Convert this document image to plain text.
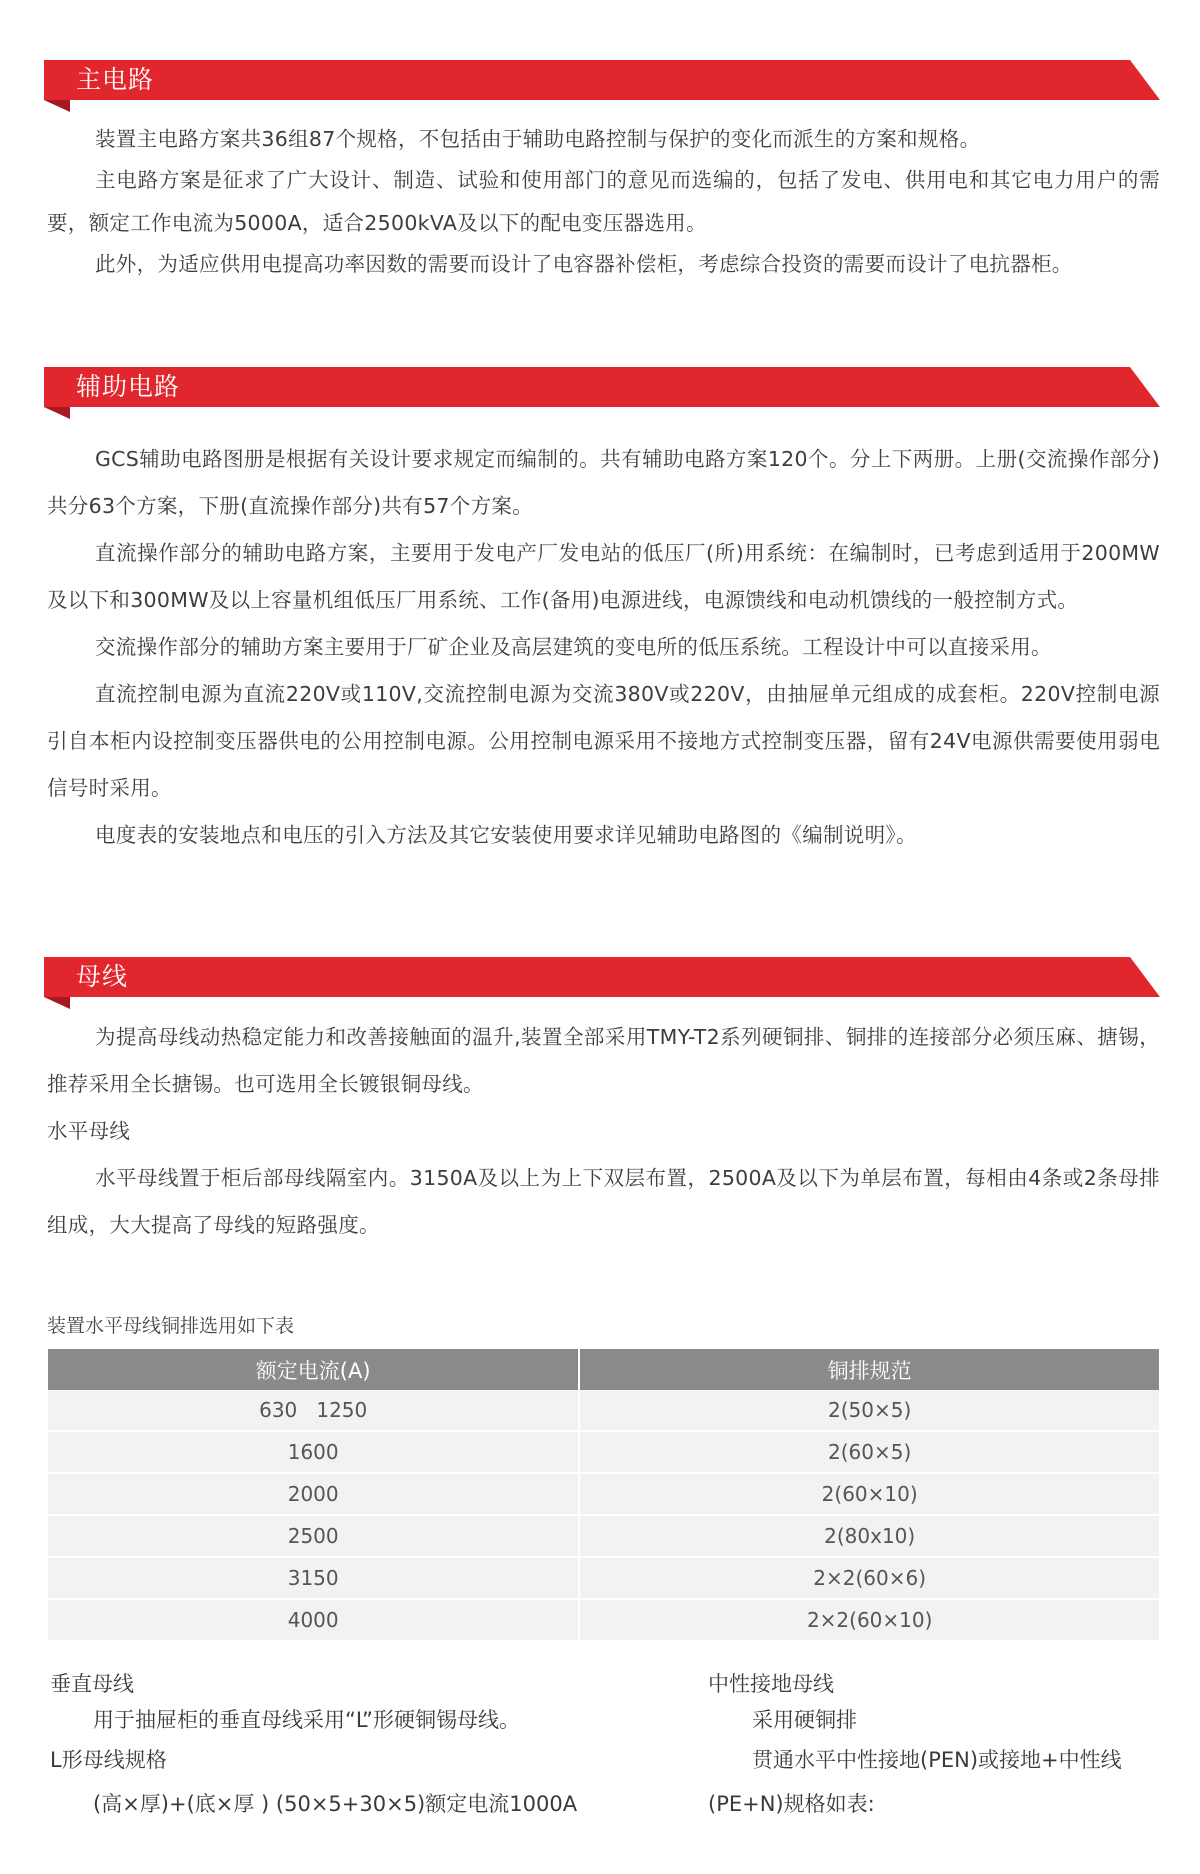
主电路

装置主电路方案共36组87个规格，不包括由于辅助电路控制与保护的变化而派生的方案和规格。

主电路方案是征求了广大设计、制造、试验和使用部门的意见而选编的，包括了发电、供用电和其它电力用户的需要，额定工作电流为5000A，适合2500kVA及以下的配电变压器选用。

此外，为适应供用电提高功率因数的需要而设计了电容器补偿柜，考虑综合投资的需要而设计了电抗器柜。

辅助电路

GCS辅助电路图册是根据有关设计要求规定而编制的。共有辅助电路方案120个。分上下两册。上册(交流操作部分)共分63个方案，下册(直流操作部分)共有57个方案。

直流操作部分的辅助电路方案，主要用于发电产厂发电站的低压厂(所)用系统：在编制时，已考虑到适用于200MW及以下和300MW及以上容量机组低压厂用系统、工作(备用)电源进线，电源馈线和电动机馈线的一般控制方式。

交流操作部分的辅助方案主要用于厂矿企业及高层建筑的变电所的低压系统。工程设计中可以直接采用。

直流控制电源为直流220V或110V,交流控制电源为交流380V或220V，由抽屉单元组成的成套柜。220V控制电源引自本柜内设控制变压器供电的公用控制电源。公用控制电源采用不接地方式控制变压器，留有24V电源供需要使用弱电信号时采用。

电度表的安装地点和电压的引入方法及其它安装使用要求详见辅助电路图的《编制说明》。

母线

为提高母线动热稳定能力和改善接触面的温升,装置全部采用TMY-T2系列硬铜排、铜排的连接部分必须压麻、搪锡，推荐采用全长搪锡。也可选用全长镀银铜母线。

水平母线

水平母线置于柜后部母线隔室内。3150A及以上为上下双层布置，2500A及以下为单层布置，每相由4条或2条母排组成，大大提高了母线的短路强度。

装置水平母线铜排选用如下表
额定电流(A)	铜排规范
630   1250	2(50×5)
1600	2(60×5)
2000	2(60×10)
2500	2(80x10)
3150	2×2(60×6)
4000	2×2(60×10)
垂直母线
用于抽屉柜的垂直母线采用“L”形硬铜锡母线。
L形母线规格
(高×厚)+(底×厚 ) (50×5+30×5)额定电流1000A
中性接地母线
采用硬铜排
贯通水平中性接地(PEN)或接地+中性线
(PE+N)规格如表:
